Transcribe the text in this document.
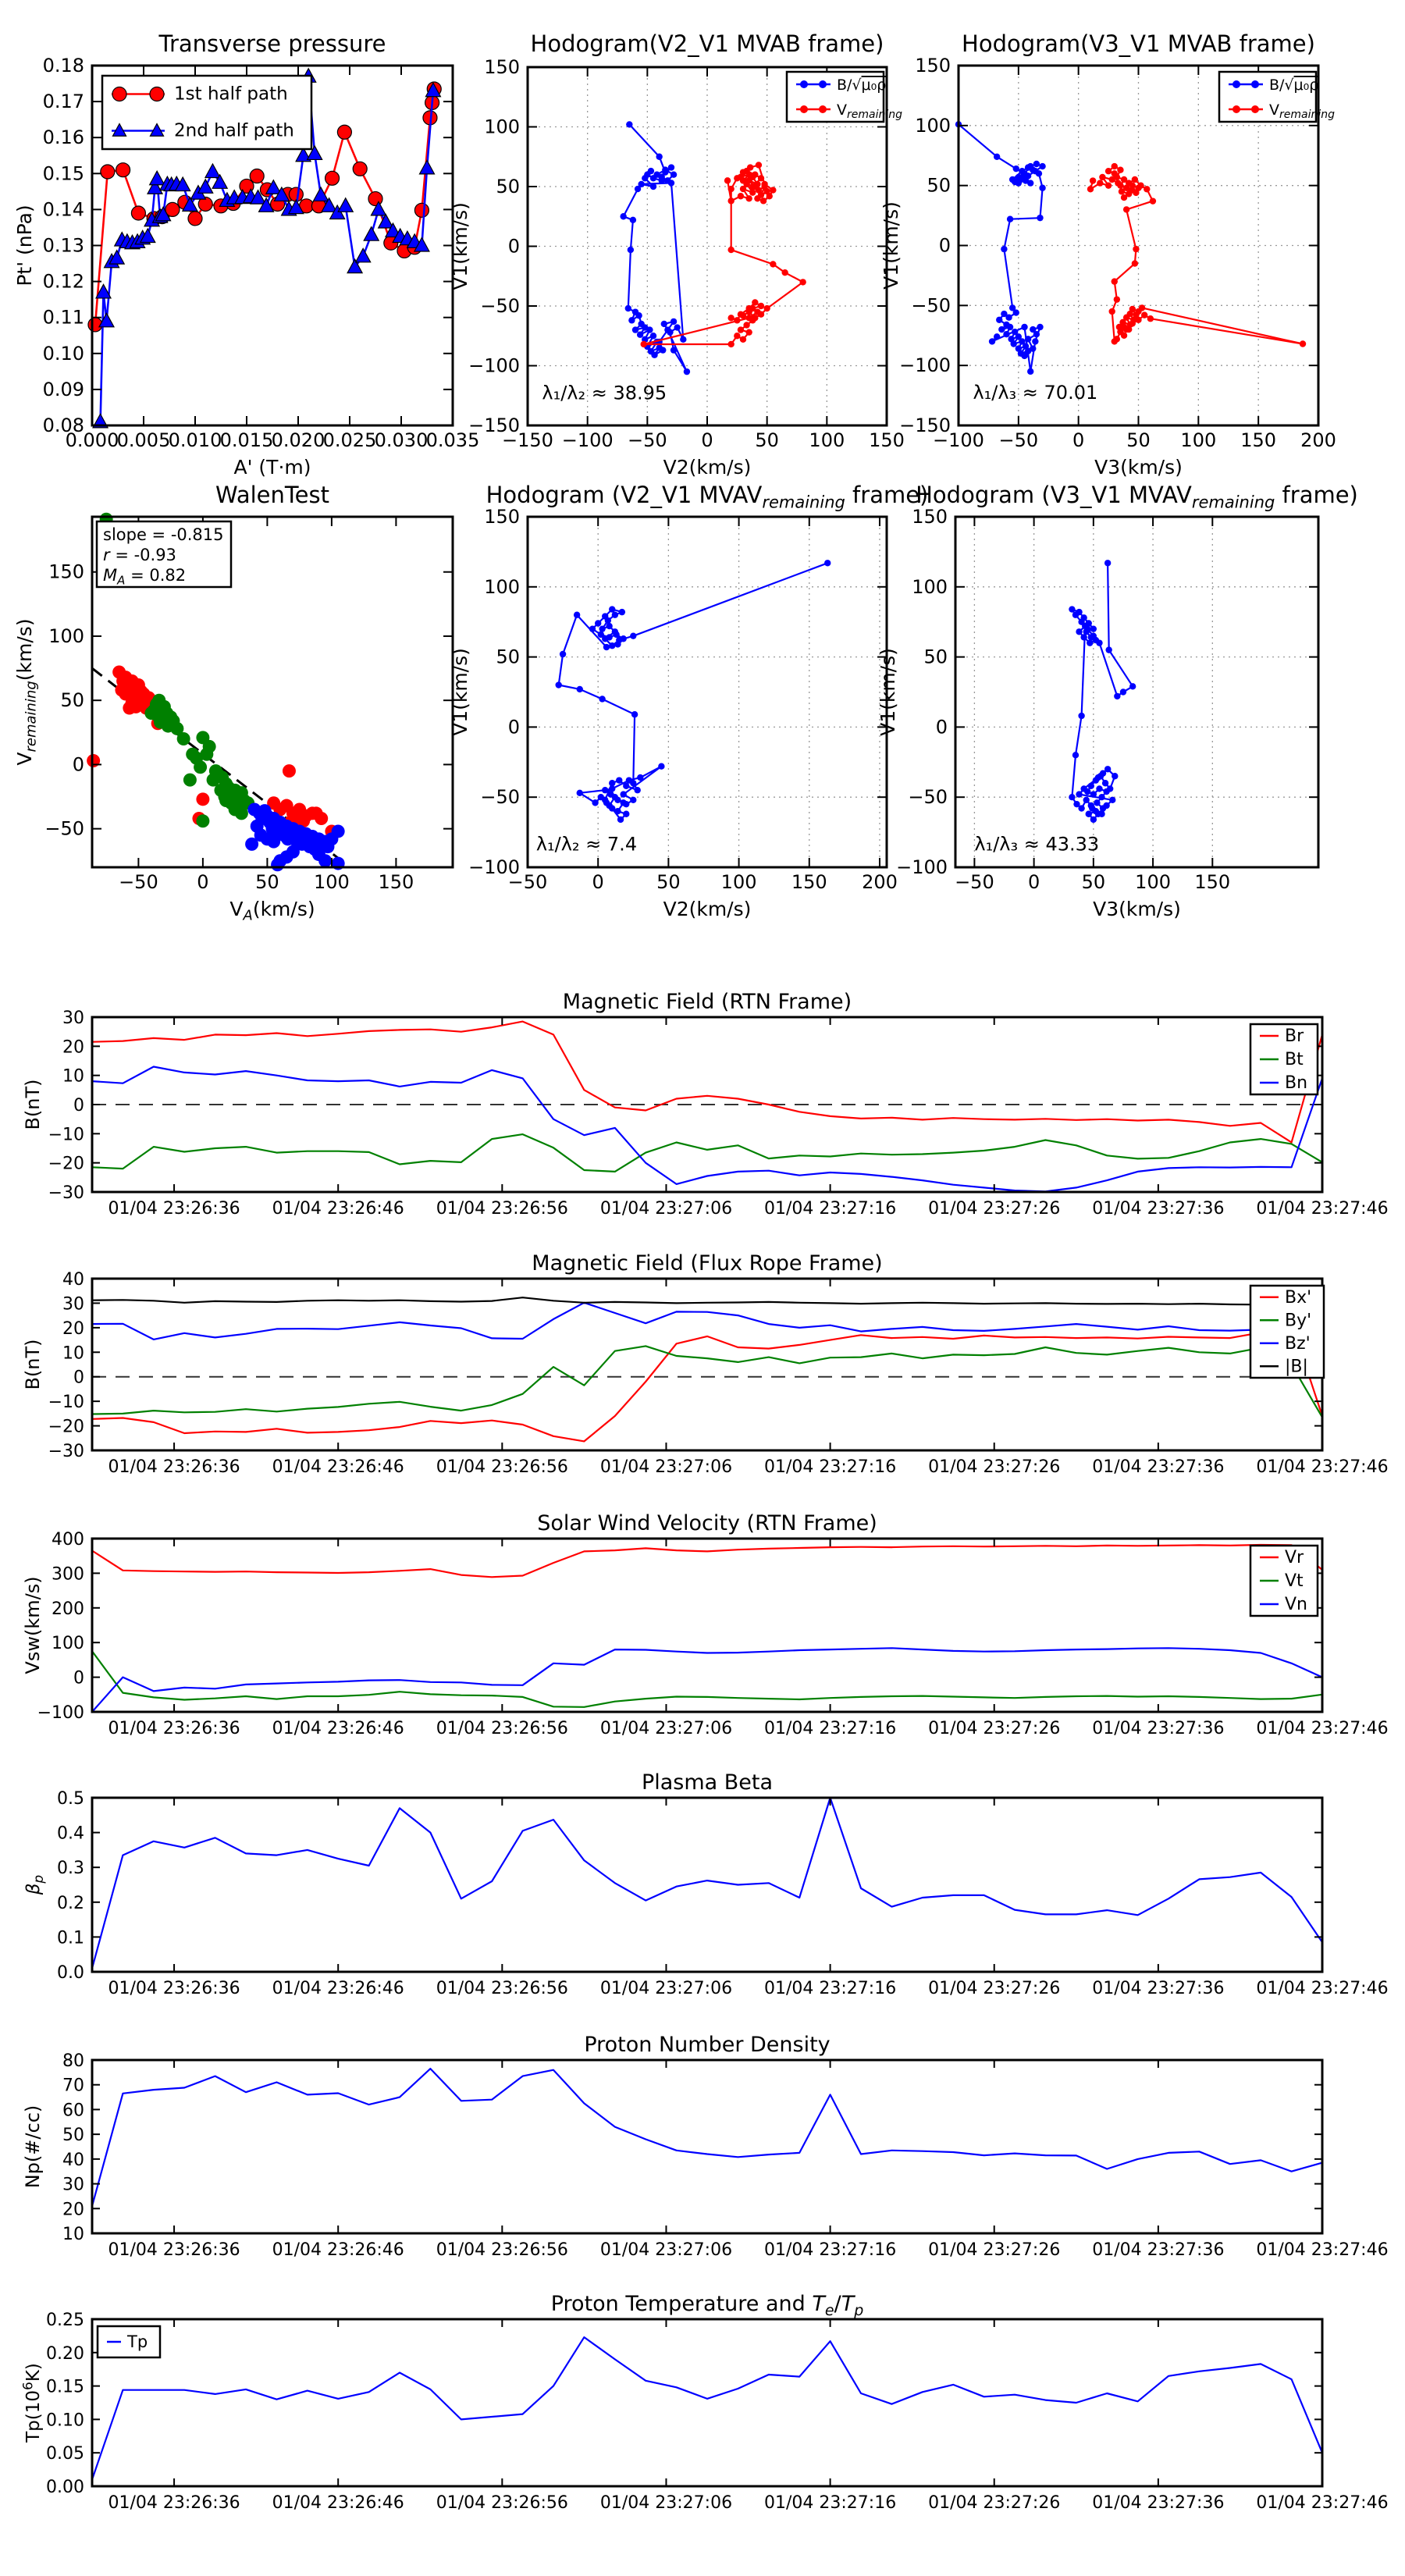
0.000
0.005
0.010
0.015
0.020
0.025
0.030
0.035
0.08
0.09
0.10
0.11
0.12
0.13
0.14
0.15
0.16
0.17
0.18
Transverse pressure
A' (T·m)
Pt' (nPa)
1st half path
2nd half path
−150 −100 −50 0 50 100 150
−150
−100
−50
0
50
100
150
Hodogram(V2_V1 MVAB frame)
V2(km/s)
V1(km/s)
λ₁/λ₂ ≈ 38.95
B/√μ₀ρ
$V_{remaining}$
−100 −50 0 50 100 150 200
−150
−100
−50
0
50
100
150
Hodogram(V3_V1 MVAB frame)
V3(km/s)
V1(km/s)
λ₁/λ₃ ≈ 70.01
B/√μ₀ρ
$V_{remaining}$
−50 0 50 100 150
−50
0
50
100
150
WalenTest
$V_A(km/s)$
$V_{remaining}(km/s)$
slope = -0.815
r = -0.93
$M_A = 0.82$
−50 0	50 100 150 200
−100
−50
0
50
100
150
Hodogram (V2_V1 $MVAV_{remaining}$ frame)
V2(km/s)
V1(km/s)
λ₁/λ₂ ≈ 7.4
−50 0 50 100 150
−100
−50
0
50
100
150
Hodogram (V3_V1 $MVAV_{remaining}$ frame)
V3(km/s)
V1(km/s)
λ₁/λ₃ ≈ 43.33
01/04 23:26:36 01/04 23:26:46 01/04 23:26:56 01/04 23:27:06 01/04 23:27:16 01/04 23:27:26 01/04 23:27:36 01/04 23:27:46
−30
−20
−10
0
10
20
30
Magnetic Field (RTN Frame)
B(nT)
Br
Bt
Bn
01/04 23:26:36 01/04 23:26:46 01/04 23:26:56 01/04 23:27:06 01/04 23:27:16 01/04 23:27:26 01/04 23:27:36 01/04 23:27:46
−30
−20
−10
0
10
20
30
40
Magnetic Field (Flux Rope Frame)
B(nT)
Bx'
By'
Bz'
|B|
01/04 23:26:36 01/04 23:26:46 01/04 23:26:56 01/04 23:27:06 01/04 23:27:16 01/04 23:27:26 01/04 23:27:36 01/04 23:27:46
−100
0
100
200
300
400
Solar Wind Velocity (RTN Frame)
Vsw(km/s)
Vr
Vt
Vn
01/04 23:26:36 01/04 23:26:46 01/04 23:26:56 01/04 23:27:06 01/04 23:27:16 01/04 23:27:26 01/04 23:27:36 01/04 23:27:46
0.0
0.1
0.2
0.3
0.4
0.5
Plasma Beta
$\beta_p$
01/04 23:26:36 01/04 23:26:46 01/04 23:26:56 01/04 23:27:06 01/04 23:27:16 01/04 23:27:26 01/04 23:27:36 01/04 23:27:46
10
20
30
40
50
60
70
80
Proton Number Density
Np(#/cc)
01/04 23:26:36 01/04 23:26:46 01/04 23:26:56 01/04 23:27:06 01/04 23:27:16 01/04 23:27:26 01/04 23:27:36 01/04 23:27:46
0.00
0.05
0.10
0.15
0.20
0.25
Proton Temperature and $T_e/T_p$
$Tp(10^6K)$
Tp
